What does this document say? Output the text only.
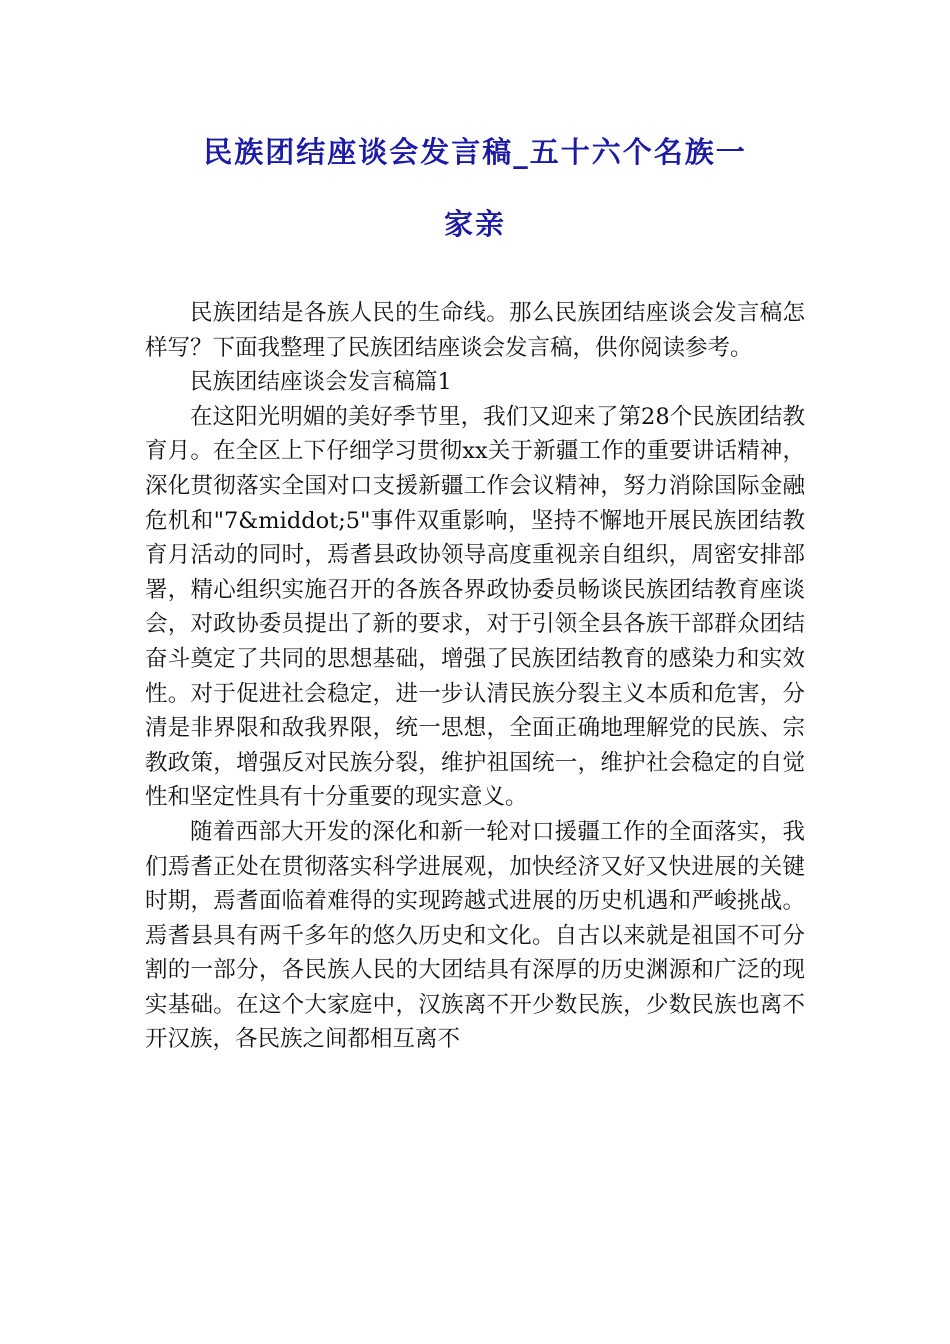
民族团结座谈会发言稿_五十六个名族一
家亲

民族团结是各族人民的生命线。那么民族团结座谈会发言稿怎样写？下面我整理了民族团结座谈会发言稿，供你阅读参考。

民族团结座谈会发言稿篇1

在这阳光明媚的美好季节里，我们又迎来了第28个民族团结教育月。在全区上下仔细学习贯彻xx关于新疆工作的重要讲话精神，深化贯彻落实全国对口支援新疆工作会议精神，努力消除国际金融危机和"7&middot;5"事件双重影响，坚持不懈地开展民族团结教育月活动的同时，焉耆县政协领导高度重视亲自组织，周密安排部署，精心组织实施召开的各族各界政协委员畅谈民族团结教育座谈会，对政协委员提出了新的要求，对于引领全县各族干部群众团结奋斗奠定了共同的思想基础，增强了民族团结教育的感染力和实效性。对于促进社会稳定，进一步认清民族分裂主义本质和危害，分清是非界限和敌我界限，统一思想，全面正确地理解党的民族、宗教政策，增强反对民族分裂，维护祖国统一，维护社会稳定的自觉性和坚定性具有十分重要的现实意义。

随着西部大开发的深化和新一轮对口援疆工作的全面落实，我们焉耆正处在贯彻落实科学进展观，加快经济又好又快进展的关键时期，焉耆面临着难得的实现跨越式进展的历史机遇和严峻挑战。焉耆县具有两千多年的悠久历史和文化。自古以来就是祖国不可分割的一部分，各民族人民的大团结具有深厚的历史渊源和广泛的现实基础。在这个大家庭中，汉族离不开少数民族，少数民族也离不开汉族，各民族之间都相互离不
